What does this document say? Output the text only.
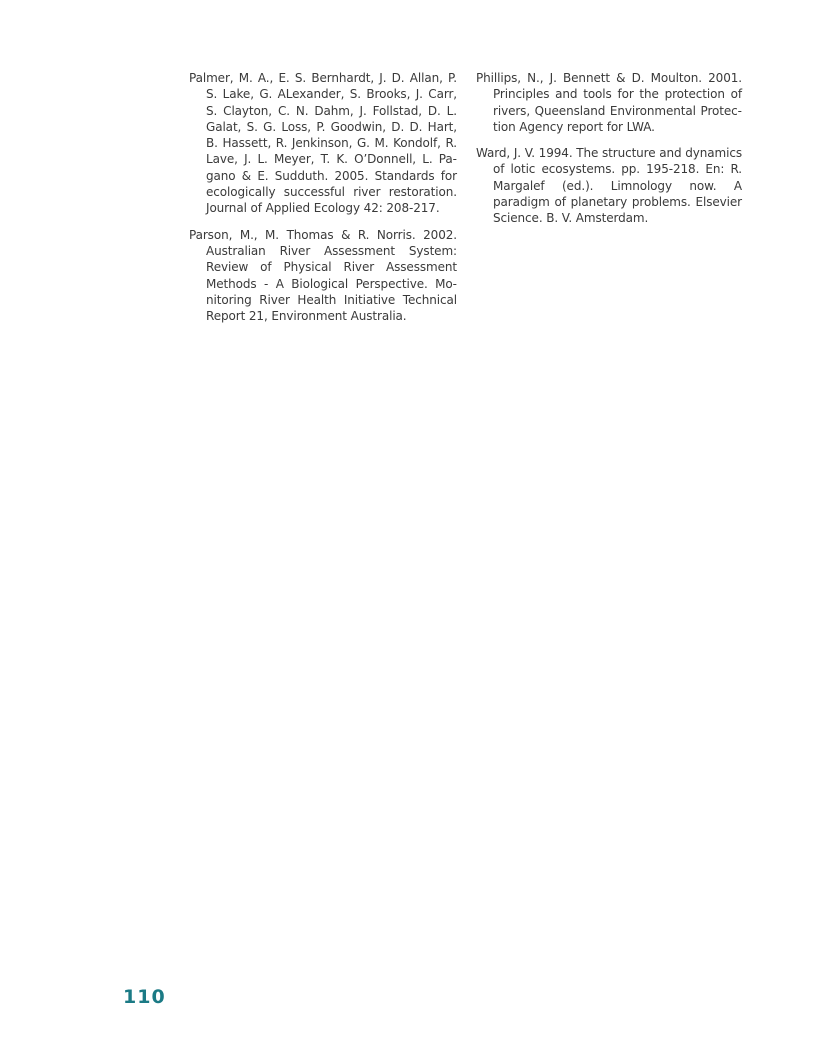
Palmer, M. A., E. S. Bernhardt, J. D. Allan, P. S. Lake, G. ALexander, S. Brooks, J. Carr, S. Clayton, C. N. Dahm, J. Follstad, D. L. Galat, S. G. Loss, P. Goodwin, D. D. Hart, B. Hassett, R. Jenkinson, G. M. Kondolf, R. Lave, J. L. Meyer, T. K. O’Donnell, L. Pagano & E. Sudduth. 2005. Standards for ecologically successful river restoration. Journal of Applied Ecology 42: 208-217.

Parson, M., M. Thomas & R. Norris. 2002. Australian River Assessment System: Review of Physical River Assessment Methods - A Biological Perspective. Monitoring River Health Initiative Technical Report 21, Environment Australia.

Phillips, N., J. Bennett & D. Moulton. 2001. Principles and tools for the protection of rivers, Queensland Environmental Protection Agency report for LWA.

Ward, J. V. 1994. The structure and dynamics of lotic ecosystems. pp. 195-218. En: R. Margalef (ed.). Limnology now. A paradigm of planetary problems. Elsevier Science. B. V. Amsterdam.

110
